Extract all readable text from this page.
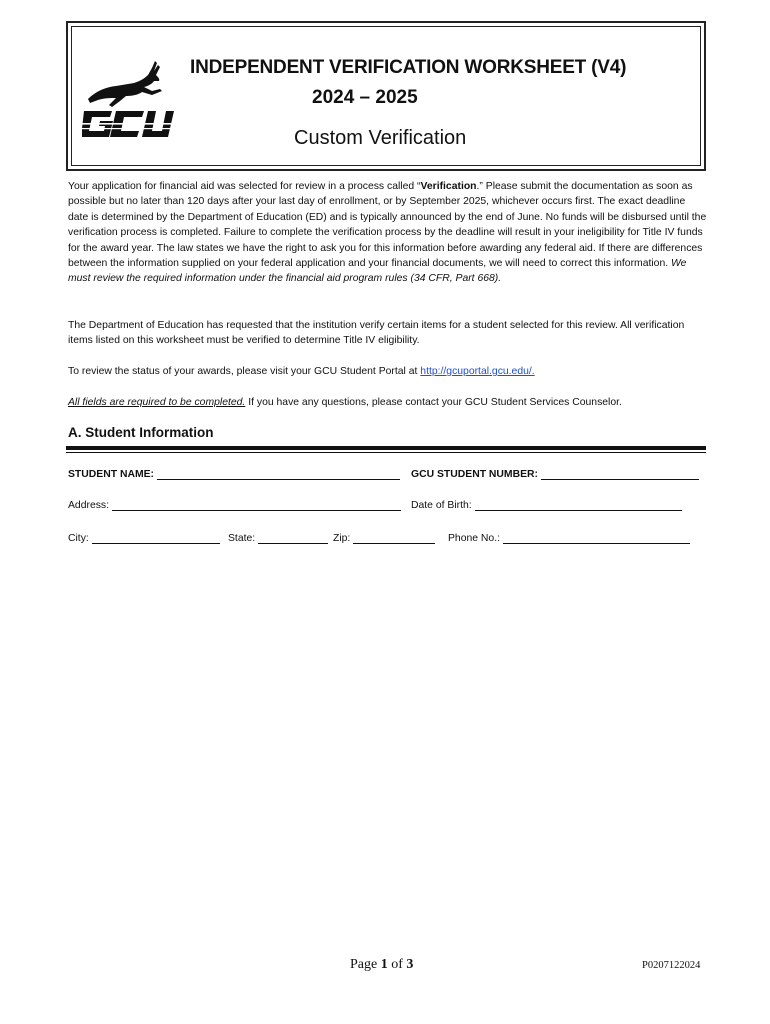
INDEPENDENT VERIFICATION WORKSHEET (V4)
2024 – 2025
Custom Verification
Your application for financial aid was selected for review in a process called “Verification.” Please submit the documentation as soon as possible but no later than 120 days after your last day of enrollment, or by September 2025, whichever occurs first. The exact deadline date is determined by the Department of Education (ED) and is typically announced by the end of June. No funds will be disbursed until the verification process is completed. Failure to complete the verification process by the deadline will result in your ineligibility for Title IV funds for the award year. The law states we have the right to ask you for this information before awarding any federal aid. If there are differences between the information supplied on your federal application and your financial documents, we will need to correct this information. We must review the required information under the financial aid program rules (34 CFR, Part 668).
The Department of Education has requested that the institution verify certain items for a student selected for this review. All verification items listed on this worksheet must be verified to determine Title IV eligibility.
To review the status of your awards, please visit your GCU Student Portal at http://gcuportal.gcu.edu/.
All fields are required to be completed. If you have any questions, please contact your GCU Student Services Counselor.
A. Student Information
STUDENT NAME:	GCU STUDENT NUMBER:
Address:	Date of Birth:
City:	State:	Zip:	Phone No.:
Page 1 of 3	P0207122024
